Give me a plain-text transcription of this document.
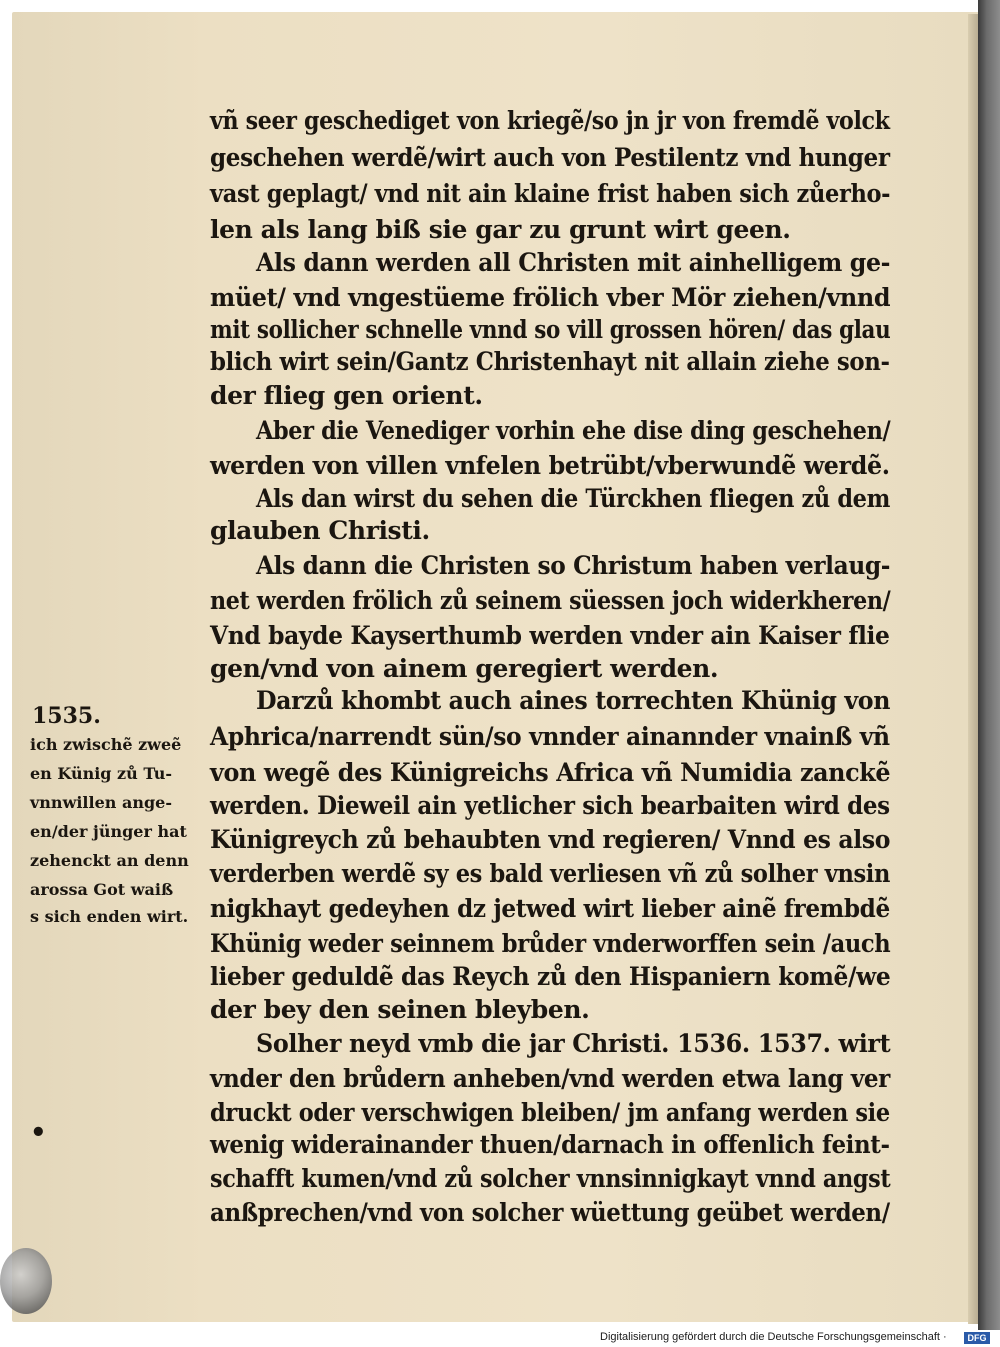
vñ seer geschediget von kriegẽ/so jn jr von fremdẽ volck
geschehen werdẽ/wirt auch von Pestilentz vnd hunger
vast geplagt/ vnd nit ain klaine frist haben sich zůerho-
len als lang biß sie gar zu grunt wirt geen.
Als dann werden all Christen mit ainhelligem ge-
müet/ vnd vngestüeme frölich vber Mör ziehen/vnnd
mit sollicher schnelle vnnd so vill grossen hören/ das glau
blich wirt sein/Gantz Christenhayt nit allain ziehe son-
der flieg gen orient.
Aber die Venediger vorhin ehe dise ding geschehen/
werden von villen vnfelen betrübt/vberwundẽ werdẽ.
Als dan wirst du sehen die Türckhen fliegen zů dem
glauben Christi.
Als dann die Christen so Christum haben verlaug-
net werden frölich zů seinem süessen joch widerkheren/
Vnd bayde Kayserthumb werden vnder ain Kaiser flie
gen/vnd von ainem geregiert werden.
Darzů khombt auch aines torrechten Khünig von
Aphrica/narrendt sün/so vnnder ainannder vnainß vñ
von wegẽ des Künigreichs Africa vñ Numidia zanckẽ
werden. Dieweil ain yetlicher sich bearbaiten wird des
Künigreych zů behaubten vnd regieren/ Vnnd es also
verderben werdẽ sy es bald verliesen vñ zů solher vnsin
nigkhayt gedeyhen dz jetwed wirt lieber ainẽ frembdẽ
Khünig weder seinnem brůder vnderworffen sein /auch
lieber geduldẽ das Reych zů den Hispaniern komẽ/we
der bey den seinen bleyben.
Solher neyd vmb die jar Christi. 1536. 1537. wirt
vnder den brůdern anheben/vnd werden etwa lang ver
druckt oder verschwigen bleiben/ jm anfang werden sie
wenig widerainander thuen/darnach in offenlich feint-
schafft kumen/vnd zů solcher vnnsinnigkayt vnnd angst
anßprechen/vnd von solcher wüettung geübet werden/
1535.
ich zwischẽ zweẽ
en Künig zů Tu-
vnnwillen ange-
en/der jünger hat
zehenckt an denn
arossa Got waiß
s sich enden wirt.
•
Digitalisierung gefördert durch die Deutsche Forschungsgemeinschaft ·	DFG
